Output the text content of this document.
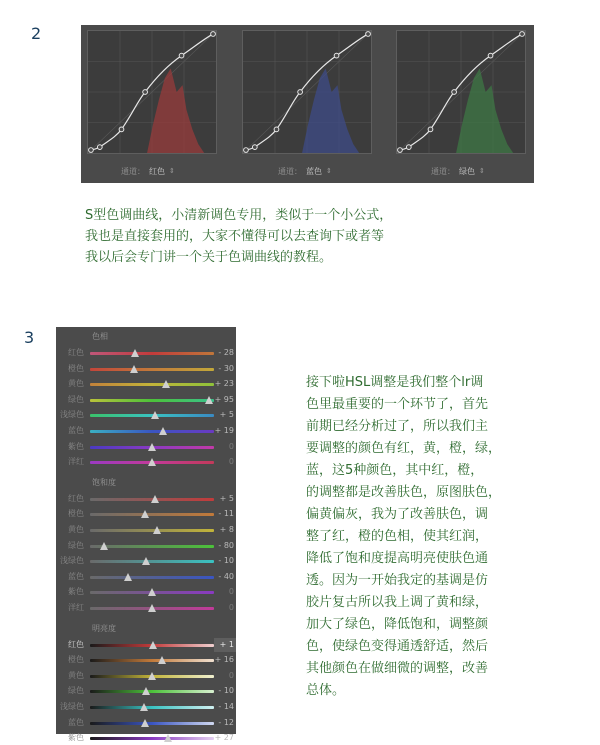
2
通道： 红色 ⇕	通道： 蓝色 ⇕	通道： 绿色 ⇕
S型色调曲线，小清新调色专用，类似于一个小公式，
我也是直接套用的，大家不懂得可以去查询下或者等
我以后会专门讲一个关于色调曲线的教程。
3	色相
红色	- 28
橙色	- 30
黄色	+ 23
绿色	+ 95
浅绿色	+ 5
蓝色	+ 19
紫色	0
洋红	0
饱和度
红色	+ 5
橙色	- 11
黄色	+ 8
绿色	- 80
浅绿色	- 10
蓝色	- 40
紫色	0
洋红	0
明亮度
红色	+ 1
橙色	+ 16
黄色	0
绿色	- 10
浅绿色	- 14
蓝色	- 12
紫色	+ 27
接下啦HSL调整是我们整个lr调
色里最重要的一个环节了，首先
前期已经分析过了，所以我们主
要调整的颜色有红，黄，橙，绿，
蓝，这5种颜色，其中红，橙，
的调整都是改善肤色，原图肤色，
偏黄偏灰，我为了改善肤色，调
整了红，橙的色相，使其红润，
降低了饱和度提高明亮使肤色通
透。因为一开始我定的基调是仿
胶片复古所以我上调了黄和绿，
加大了绿色，降低饱和，调整颜
色，使绿色变得通透舒适，然后
其他颜色在做细微的调整，改善
总体。
